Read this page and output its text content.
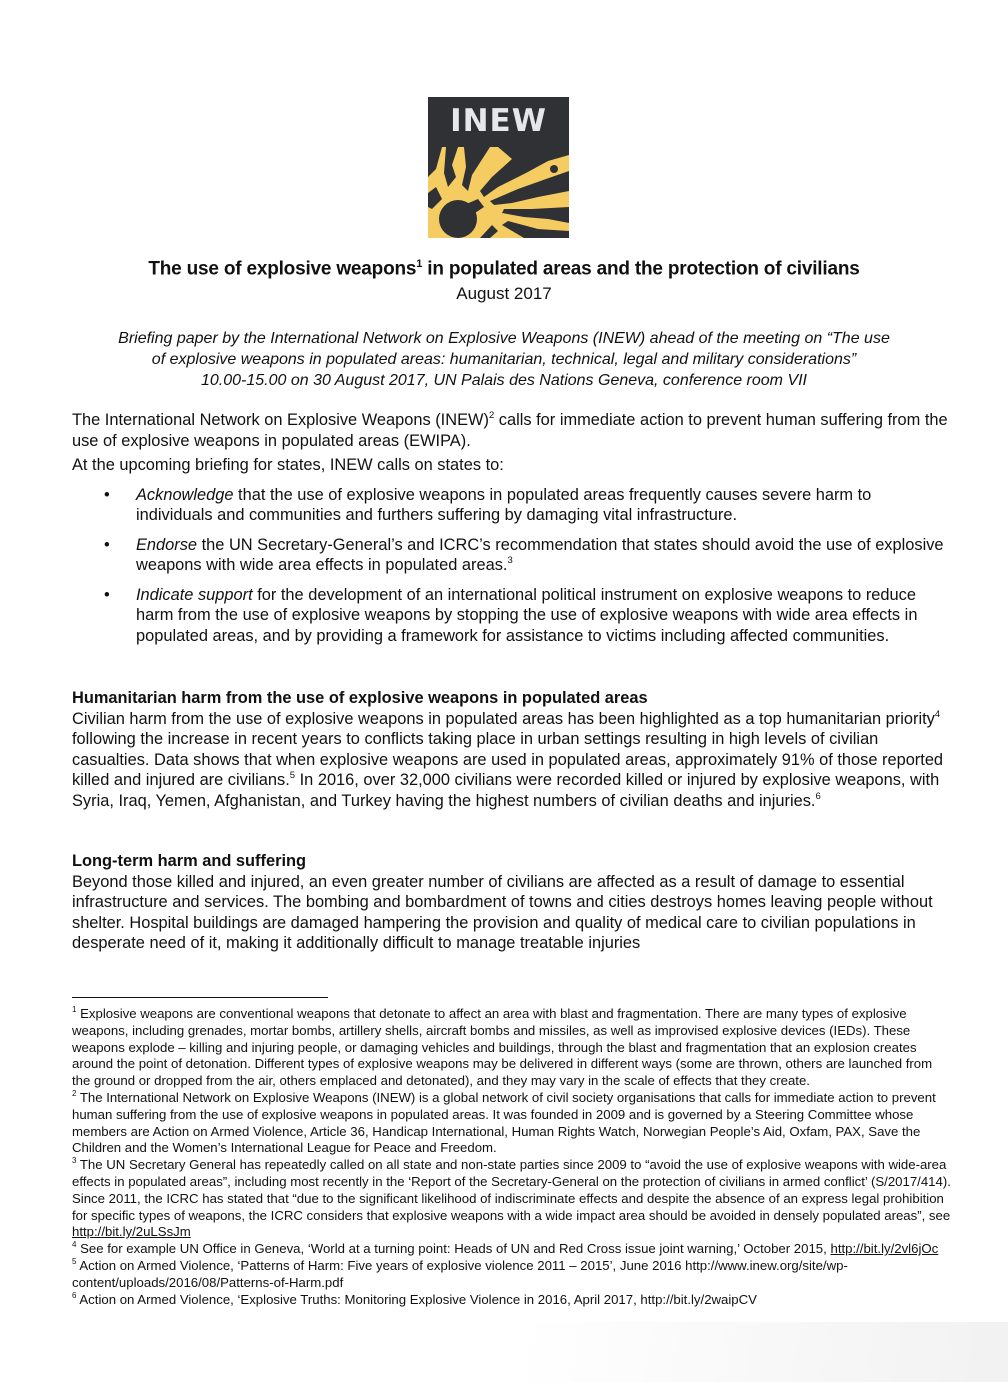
INEW
The use of explosive weapons$^1$ in populated areas and the protection of civilians
August 2017
Briefing paper by the International Network on Explosive Weapons (INEW) ahead of the meeting on “The use
of explosive weapons in populated areas: humanitarian, technical, legal and military considerations”
10.00-15.00 on 30 August 2017, UN Palais des Nations Geneva, conference room VII

The International Network on Explosive Weapons (INEW)$^2$ calls for immediate action to prevent human suffering from the use of explosive weapons in populated areas (EWIPA).

At the upcoming briefing for states, INEW calls on states to:

• Acknowledge that the use of explosive weapons in populated areas frequently causes severe harm to individuals and communities and furthers suffering by damaging vital infrastructure.
• Endorse the UN Secretary-General’s and ICRC’s recommendation that states should avoid the use of explosive weapons with wide area effects in populated areas.$^3$
• Indicate support for the development of an international political instrument on explosive weapons to reduce harm from the use of explosive weapons by stopping the use of explosive weapons with wide area effects in populated areas, and by providing a framework for assistance to victims including affected communities.

Humanitarian harm from the use of explosive weapons in populated areas

Civilian harm from the use of explosive weapons in populated areas has been highlighted as a top humanitarian priority$^4$ following the increase in recent years to conflicts taking place in urban settings resulting in high levels of civilian casualties. Data shows that when explosive weapons are used in populated areas, approximately 91% of those reported killed and injured are civilians.$^5$ In 2016, over 32,000 civilians were recorded killed or injured by explosive weapons, with Syria, Iraq, Yemen, Afghanistan, and Turkey having the highest numbers of civilian deaths and injuries.$^6$

Long-term harm and suffering

Beyond those killed and injured, an even greater number of civilians are affected as a result of damage to essential infrastructure and services. The bombing and bombardment of towns and cities destroys homes leaving people without shelter. Hospital buildings are damaged hampering the provision and quality of medical care to civilian populations in desperate need of it, making it additionally difficult to manage treatable injuries

$^1$ Explosive weapons are conventional weapons that detonate to affect an area with blast and fragmentation. There are many types of explosive weapons, including grenades, mortar bombs, artillery shells, aircraft bombs and missiles, as well as improvised explosive devices (IEDs). These weapons explode – killing and injuring people, or damaging vehicles and buildings, through the blast and fragmentation that an explosion creates around the point of detonation. Different types of explosive weapons may be delivered in different ways (some are thrown, others are launched from the ground or dropped from the air, others emplaced and detonated), and they may vary in the scale of effects that they create.

$^2$ The International Network on Explosive Weapons (INEW) is a global network of civil society organisations that calls for immediate action to prevent human suffering from the use of explosive weapons in populated areas. It was founded in 2009 and is governed by a Steering Committee whose members are Action on Armed Violence, Article 36, Handicap International, Human Rights Watch, Norwegian People’s Aid, Oxfam, PAX, Save the Children and the Women’s International League for Peace and Freedom.

$^3$ The UN Secretary General has repeatedly called on all state and non-state parties since 2009 to “avoid the use of explosive weapons with wide-area effects in populated areas”, including most recently in the ‘Report of the Secretary-General on the protection of civilians in armed conflict’ (S/2017/414). Since 2011, the ICRC has stated that “due to the significant likelihood of indiscriminate effects and despite the absence of an express legal prohibition for specific types of weapons, the ICRC considers that explosive weapons with a wide impact area should be avoided in densely populated areas”, see http://bit.ly/2uLSsJm

$^4$ See for example UN Office in Geneva, ‘World at a turning point: Heads of UN and Red Cross issue joint warning,’ October 2015, http://bit.ly/2vl6jOc

$^5$ Action on Armed Violence, ‘Patterns of Harm: Five years of explosive violence 2011 – 2015’, June 2016 http://www.inew.org/site/wp-content/uploads/2016/08/Patterns-of-Harm.pdf

$^6$ Action on Armed Violence, ‘Explosive Truths: Monitoring Explosive Violence in 2016, April 2017, http://bit.ly/2waipCV
